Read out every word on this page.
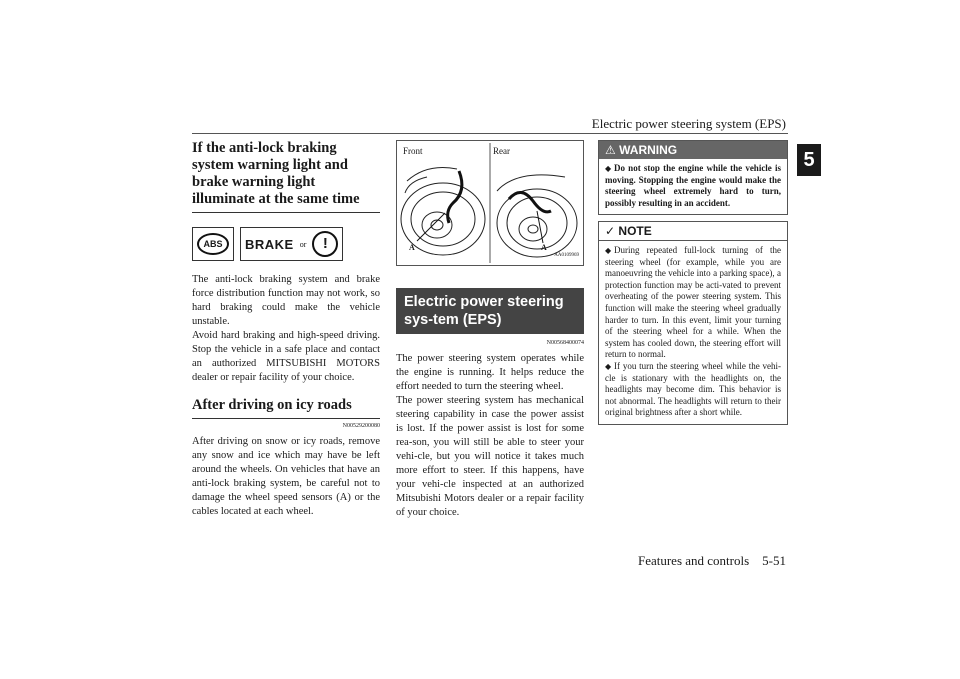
Electric power steering system (EPS)
5
If the anti-lock braking system warning light and brake warning light illuminate at the same time
ABS	BRAKE or	!

The anti-lock braking system and brake force distribution function may not work, so hard braking could make the vehicle unstable.

Avoid hard braking and high-speed driving. Stop the vehicle in a safe place and contact an authorized MITSUBISHI MOTORS dealer or repair facility of your choice.

After driving on icy roads
N00529200080

After driving on snow or icy roads, remove any snow and ice which may have be left around the wheels. On vehicles that have an anti-lock braking system, be careful not to damage the wheel speed sensors (A) or the cables located at each wheel.

Front	Rear
A	A
AA0109969
Electric power steering sys-tem (EPS)
N00568400074

The power steering system operates while the engine is running. It helps reduce the effort needed to turn the steering wheel.

The power steering system has mechanical steering capability in case the power assist is lost. If the power assist is lost for some rea-son, you will still be able to steer your vehi-cle, but you will notice it takes much more effort to steer. If this happens, have your vehi-cle inspected at an authorized Mitsubishi Motors dealer or a repair facility of your choice.

⚠ WARNING
◆ Do not stop the engine while the vehicle is moving. Stopping the engine would make the steering wheel extremely hard to turn, possibly resulting in an accident.
✓ NOTE

◆ During repeated full-lock turning of the steering wheel (for example, while you are manoeuvring the vehicle into a parking space), a protection function may be acti-vated to prevent overheating of the power steering system. This function will make the steering wheel gradually harder to turn. In this event, limit your turning of the steering wheel for a while. When the system has cooled down, the steering effort will return to normal.

◆ If you turn the steering wheel while the vehi-cle is stationary with the headlights on, the headlights may become dim. This behavior is not abnormal. The headlights will return to their original brightness after a short while.

Features and controls    5-51
